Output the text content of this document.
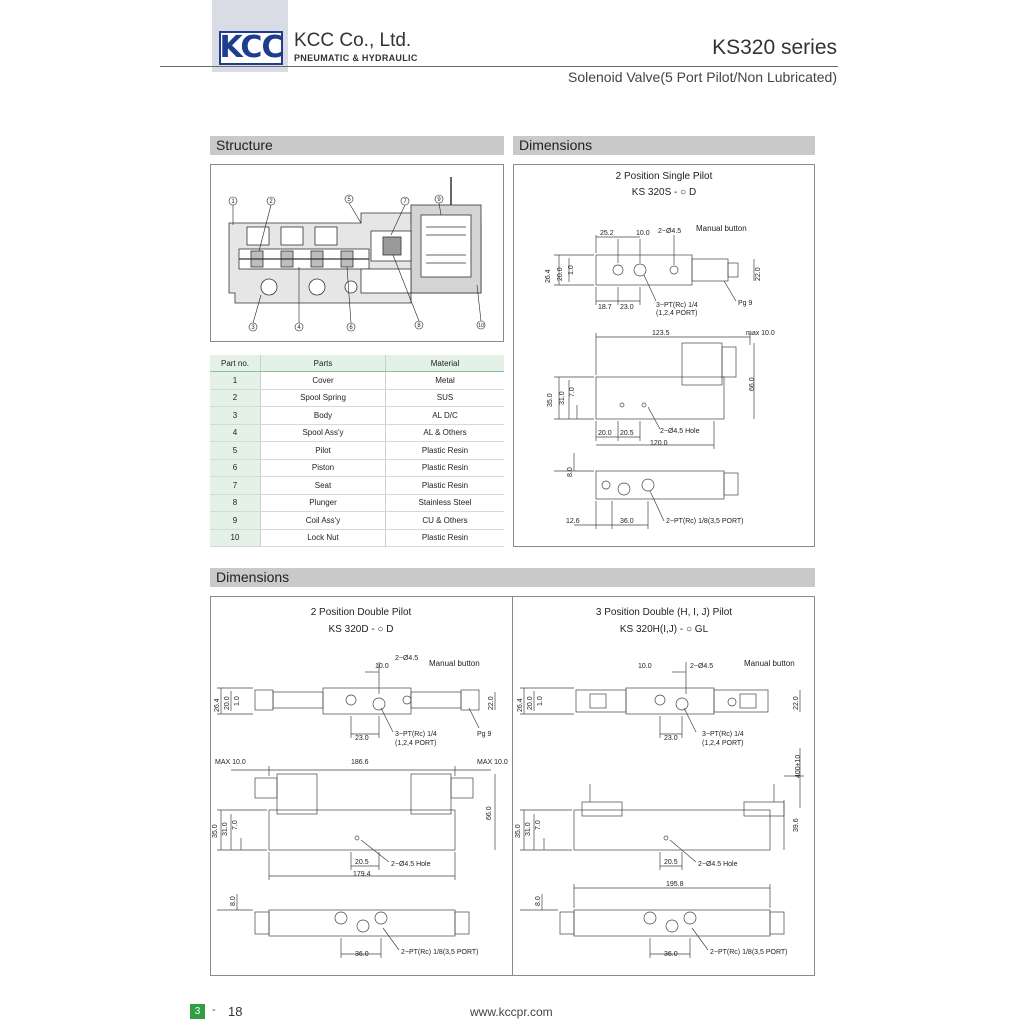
KCC KCC Co., Ltd.
PNEUMATIC & HYDRAULIC	KS320 series
Solenoid Valve(5 Port Pilot/Non Lubricated)
Structure
1	2	5	7	9
3	4	6	8	10
Part no.	Parts	Material
1	Cover	Metal
2	Spool Spring	SUS
3	Body	AL D/C
4	Spool Ass'y	AL & Others
5	Pilot	Plastic Resin
6	Piston	Plastic Resin
7	Seat	Plastic Resin
8	Plunger	Stainless Steel
9	Coil Ass'y	CU & Others
10	Lock Nut	Plastic Resin
Dimensions
2 Position Single Pilot
KS 320S - ○ D
25.2	10.0 2−Ø4.5 Manual button
26.4 20.0 1.0	22.0
18.7 23.0	3−PT(Rc) 1/4
(1,2,4 PORT)
Pg 9
123.5	max 10.0
66.0
35.0 31.0 7.0
20.0 20.5	2−Ø4.5 Hole
120.0
8.0
12.6	36.0	2−PT(Rc) 1/8(3,5 PORT)
Dimensions
2 Position Double Pilot
KS 320D - ○ D
10.0
2−Ø4.5
Manual button
26.4 20.0 1.0	22.0
23.0
3−PT(Rc) 1/4
(1,2,4 PORT)
Pg 9
MAX 10.0	186.6	MAX 10.0
66.0
35.0 31.0 7.0
20.5	2−Ø4.5 Hole
179.4
8.0
36.0	2−PT(Rc) 1/8(3,5 PORT)
3 Position Double (H, I, J) Pilot
KS 320H(I,J) - ○ GL
10.0	2−Ø4.5	Manual button
26.4 20.0 1.0	22.0
23.0
3−PT(Rc) 1/4
(1,2,4 PORT)
400±10
35.0 31.0 7.0	39.6
20.5	2−Ø4.5 Hole
195.8
8.0
36.0	2−PT(Rc) 1/8(3,5 PORT)
3	- 18	www.kccpr.com
